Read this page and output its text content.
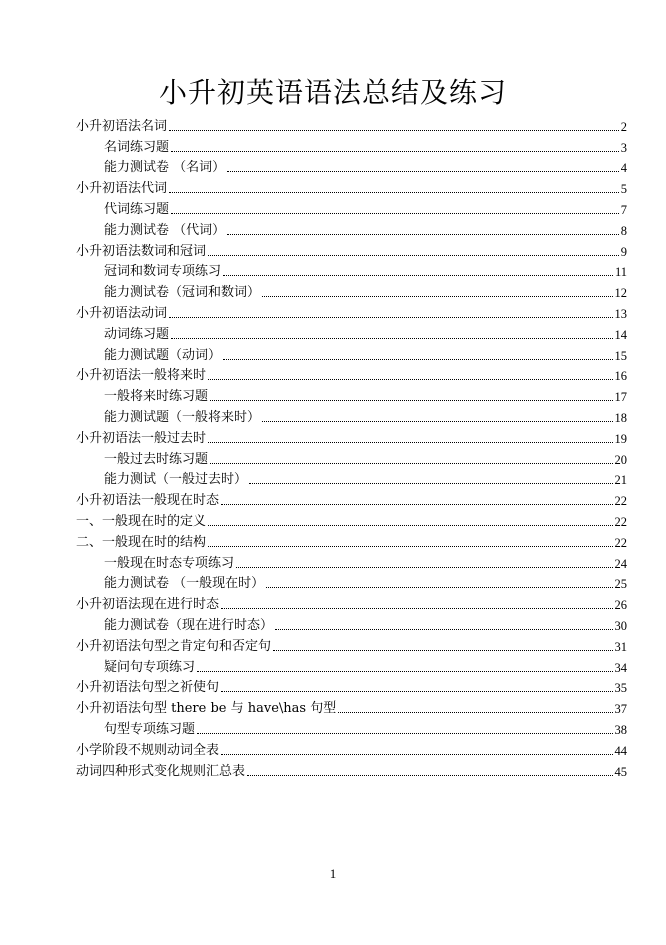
小升初英语语法总结及练习
小升初语法名词	2
名词练习题	3
能力测试卷 （名词）	4
小升初语法代词	5
代词练习题	7
能力测试卷 （代词）	8
小升初语法数词和冠词	9
冠词和数词专项练习	11
能力测试卷（冠词和数词）	12
小升初语法动词	13
动词练习题	14
能力测试题（动词）	15
小升初语法一般将来时	16
一般将来时练习题	17
能力测试题（一般将来时）	18
小升初语法一般过去时	19
一般过去时练习题	20
能力测试（一般过去时）	21
小升初语法一般现在时态	22
一、一般现在时的定义	22
二、一般现在时的结构	22
一般现在时态专项练习	24
能力测试卷 （一般现在时）	25
小升初语法现在进行时态	26
能力测试卷（现在进行时态）	30
小升初语法句型之肯定句和否定句	31
疑问句专项练习	34
小升初语法句型之祈使句	35
小升初语法句型 there be 与 have\has 句型	37
句型专项练习题	38
小学阶段不规则动词全表	44
动词四种形式变化规则汇总表	45
1
